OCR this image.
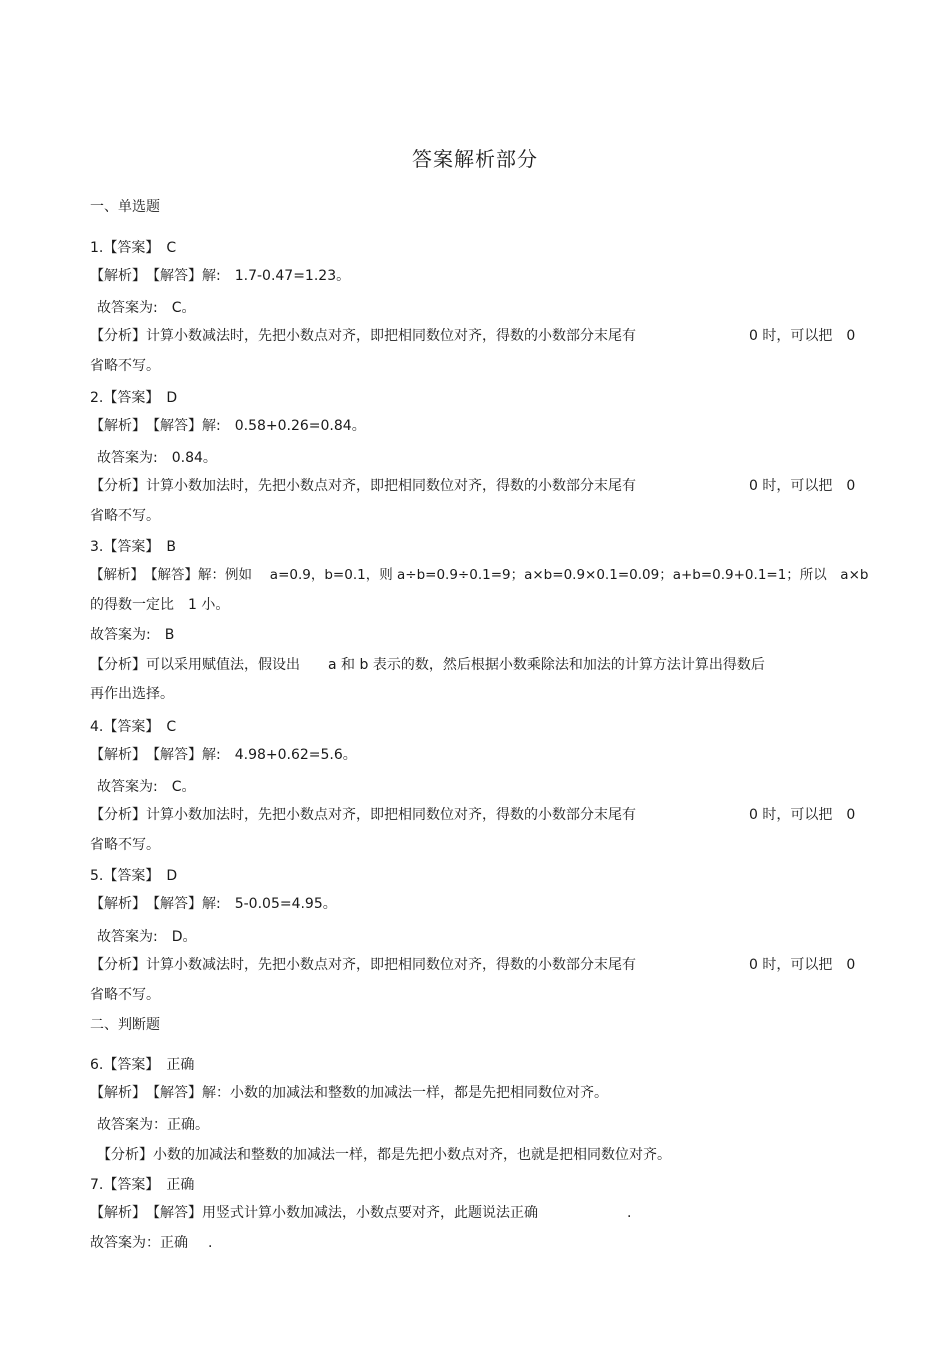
答案解析部分
一、单选题
1.【答案】　C
【解析】　【解答】解:　1.7-0.47=1.23。
故答案为:　C。
【分析】计算小数减法时，先把小数点对齐，即把相同数位对齐，得数的小数部分末尾有	0 时，可以把　0
省略不写。
2.【答案】　D
【解析】　【解答】解:　0.58+0.26=0.84。
故答案为:　0.84。
【分析】计算小数加法时，先把小数点对齐，即把相同数位对齐，得数的小数部分末尾有	0 时，可以把　0
省略不写。
3.【答案】　B
【解析】　【解答】解：例如　 a=0.9，b=0.1，则 a÷b=0.9÷0.1=9；a×b=0.9×0.1=0.09；a+b=0.9+0.1=1；所以　a×b
的得数一定比　1 小。
故答案为:　B
【分析】可以采用赋值法，假设出　　a 和 b 表示的数，然后根据小数乘除法和加法的计算方法计算出得数后
再作出选择。
4.【答案】　C
【解析】　【解答】解:　4.98+0.62=5.6。
故答案为:　C。
【分析】计算小数加法时，先把小数点对齐，即把相同数位对齐，得数的小数部分末尾有	0 时，可以把　0
省略不写。
5.【答案】　D
【解析】　【解答】解:　5-0.05=4.95。
故答案为:　D。
【分析】计算小数减法时，先把小数点对齐，即把相同数位对齐，得数的小数部分末尾有	0 时，可以把　0
省略不写。
二、判断题
6.【答案】　正确
【解析】　【解答】解：小数的加减法和整数的加减法一样，都是先把相同数位对齐。
故答案为：正确。
【分析】小数的加减法和整数的加减法一样，都是先把小数点对齐，也就是把相同数位对齐。
7.【答案】　正确
【解析】　【解答】用竖式计算小数加减法，小数点要对齐，此题说法正确	.
故答案为：正确 .
